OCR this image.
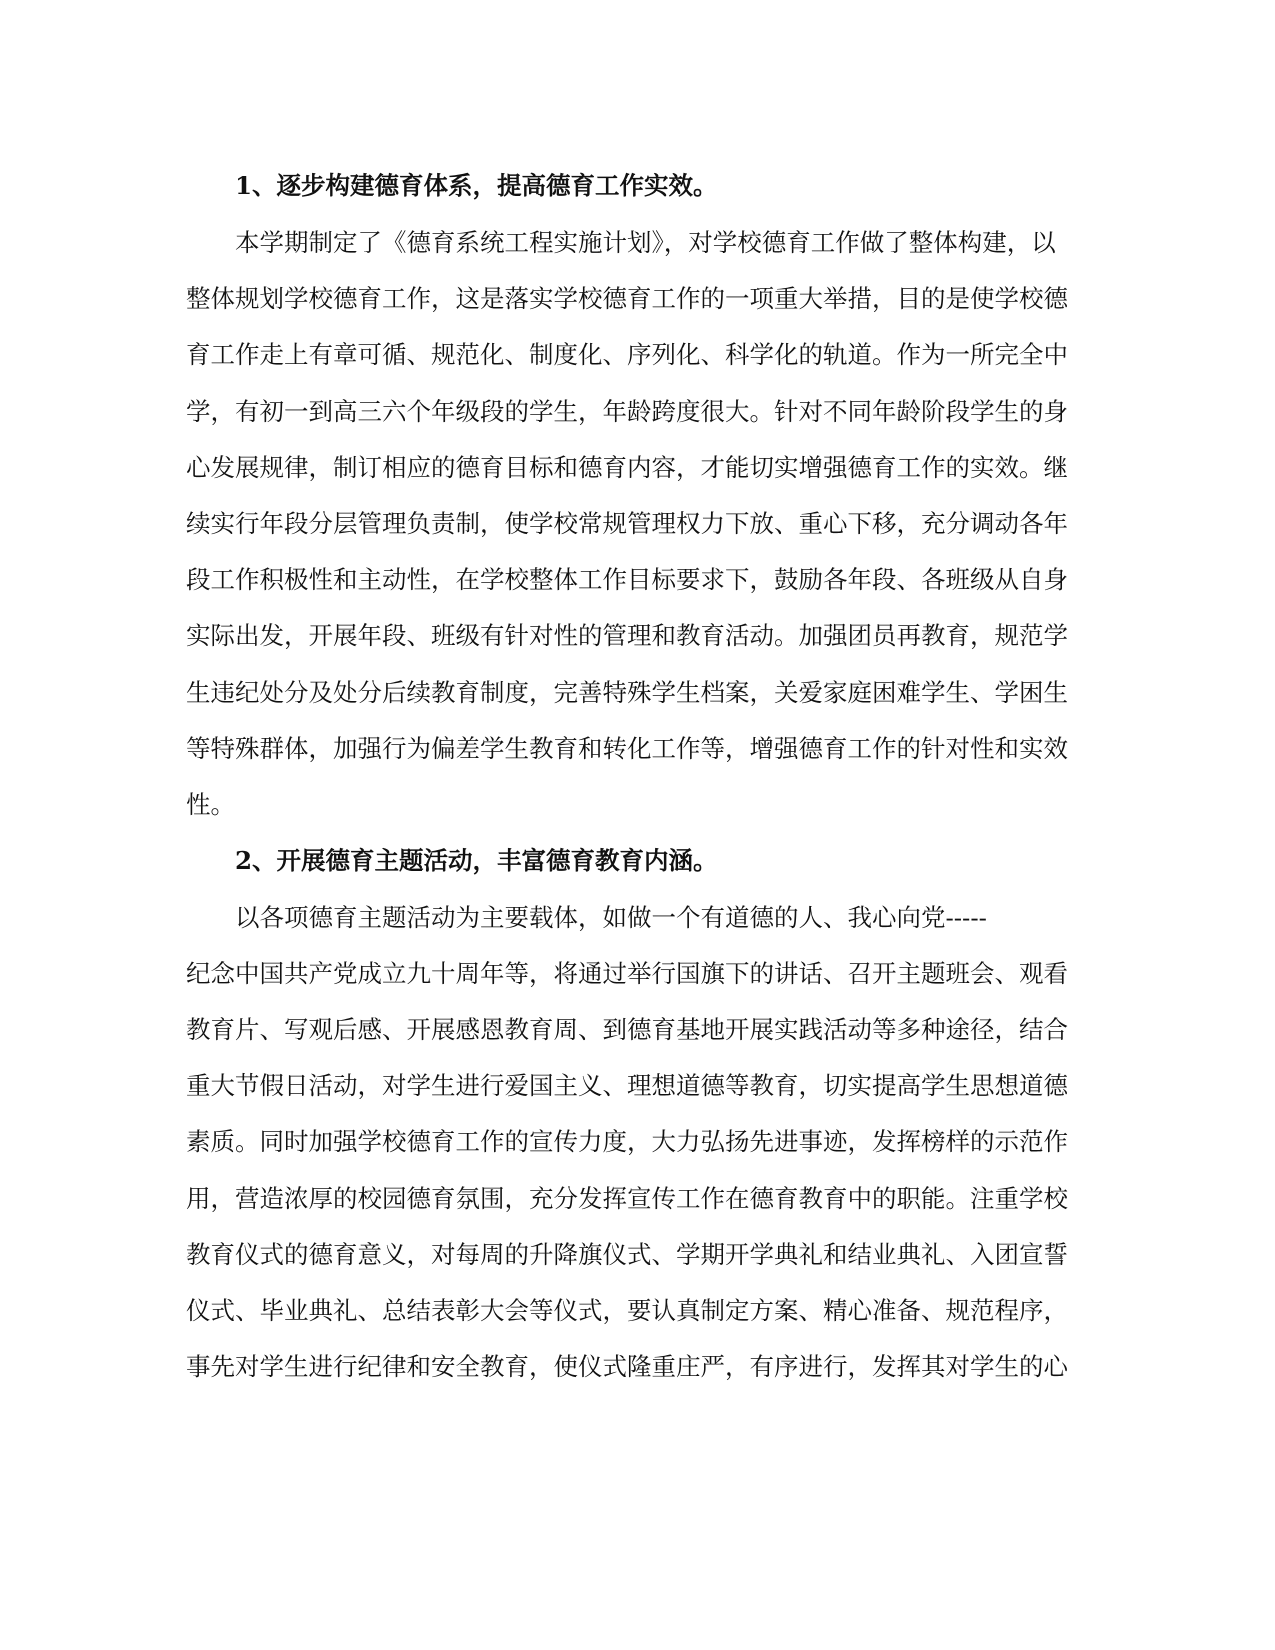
1、逐步构建德育体系，提高德育工作实效。
本学期制定了《德育系统工程实施计划》，对学校德育工作做了整体构建，以
整体规划学校德育工作，这是落实学校德育工作的一项重大举措，目的是使学校德
育工作走上有章可循、规范化、制度化、序列化、科学化的轨道。作为一所完全中
学，有初一到高三六个年级段的学生，年龄跨度很大。针对不同年龄阶段学生的身
心发展规律，制订相应的德育目标和德育内容，才能切实增强德育工作的实效。继
续实行年段分层管理负责制，使学校常规管理权力下放、重心下移，充分调动各年
段工作积极性和主动性，在学校整体工作目标要求下，鼓励各年段、各班级从自身
实际出发，开展年段、班级有针对性的管理和教育活动。加强团员再教育，规范学
生违纪处分及处分后续教育制度，完善特殊学生档案，关爱家庭困难学生、学困生
等特殊群体，加强行为偏差学生教育和转化工作等，增强德育工作的针对性和实效
性。
2、开展德育主题活动，丰富德育教育内涵。
以各项德育主题活动为主要载体，如做一个有道德的人、我心向党-----
纪念中国共产党成立九十周年等，将通过举行国旗下的讲话、召开主题班会、观看
教育片、写观后感、开展感恩教育周、到德育基地开展实践活动等多种途径，结合
重大节假日活动，对学生进行爱国主义、理想道德等教育，切实提高学生思想道德
素质。同时加强学校德育工作的宣传力度，大力弘扬先进事迹，发挥榜样的示范作
用，营造浓厚的校园德育氛围，充分发挥宣传工作在德育教育中的职能。注重学校
教育仪式的德育意义，对每周的升降旗仪式、学期开学典礼和结业典礼、入团宣誓
仪式、毕业典礼、总结表彰大会等仪式，要认真制定方案、精心准备、规范程序，
事先对学生进行纪律和安全教育，使仪式隆重庄严，有序进行，发挥其对学生的心
